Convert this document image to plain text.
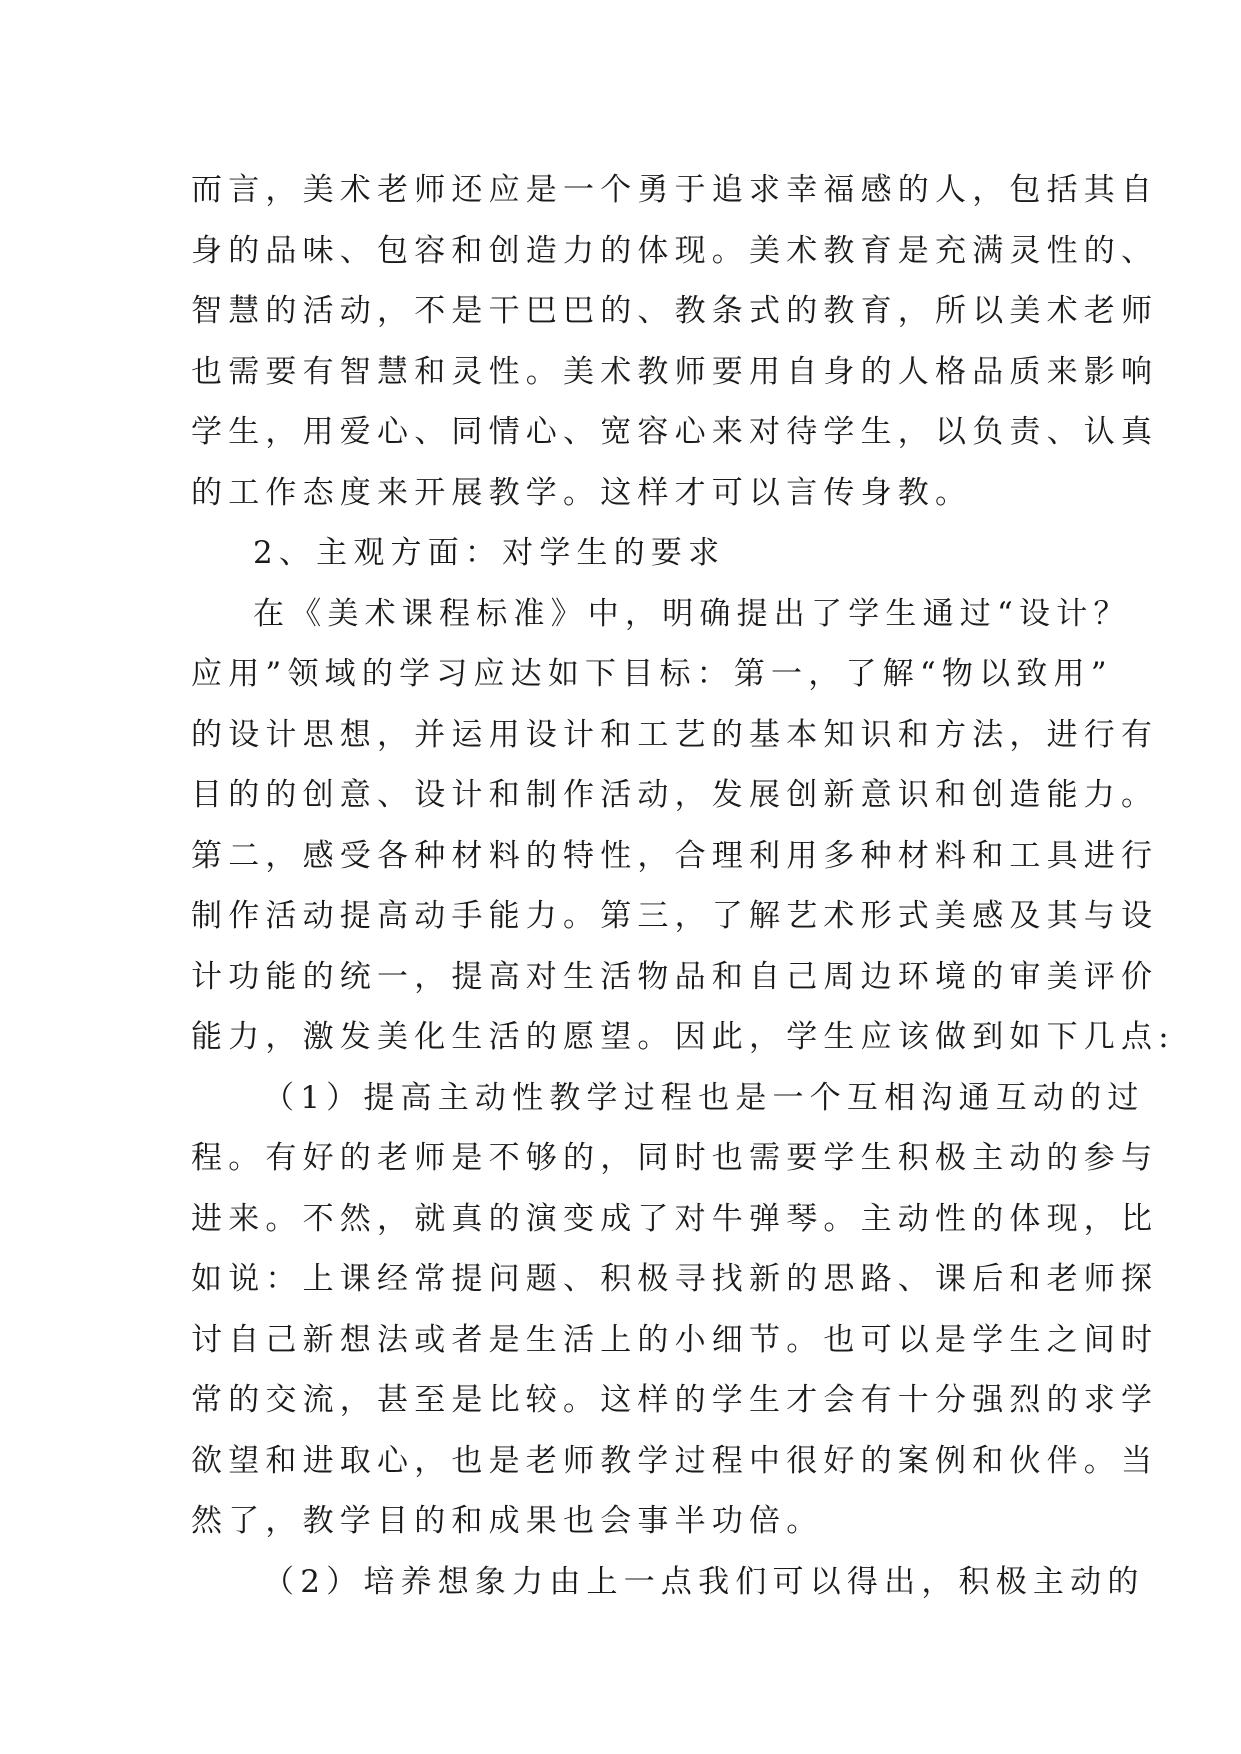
而言，美术老师还应是一个勇于追求幸福感的人，包括其自
身的品味、包容和创造力的体现。美术教育是充满灵性的、
智慧的活动，不是干巴巴的、教条式的教育，所以美术老师
也需要有智慧和灵性。美术教师要用自身的人格品质来影响
学生，用爱心、同情心、宽容心来对待学生，以负责、认真
的工作态度来开展教学。这样才可以言传身教。
2、主观方面：对学生的要求
在《美术课程标准》中，明确提出了学生通过“设计？
应用”领域的学习应达如下目标：第一，了解“物以致用”
的设计思想，并运用设计和工艺的基本知识和方法，进行有
目的的创意、设计和制作活动，发展创新意识和创造能力。
第二，感受各种材料的特性，合理利用多种材料和工具进行
制作活动提高动手能力。第三，了解艺术形式美感及其与设
计功能的统一，提高对生活物品和自己周边环境的审美评价
能力，激发美化生活的愿望。因此，学生应该做到如下几点:
（1）提高主动性教学过程也是一个互相沟通互动的过
程。有好的老师是不够的，同时也需要学生积极主动的参与
进来。不然，就真的演变成了对牛弹琴。主动性的体现，比
如说：上课经常提问题、积极寻找新的思路、课后和老师探
讨自己新想法或者是生活上的小细节。也可以是学生之间时
常的交流，甚至是比较。这样的学生才会有十分强烈的求学
欲望和进取心，也是老师教学过程中很好的案例和伙伴。当
然了，教学目的和成果也会事半功倍。
（2）培养想象力由上一点我们可以得出，积极主动的
